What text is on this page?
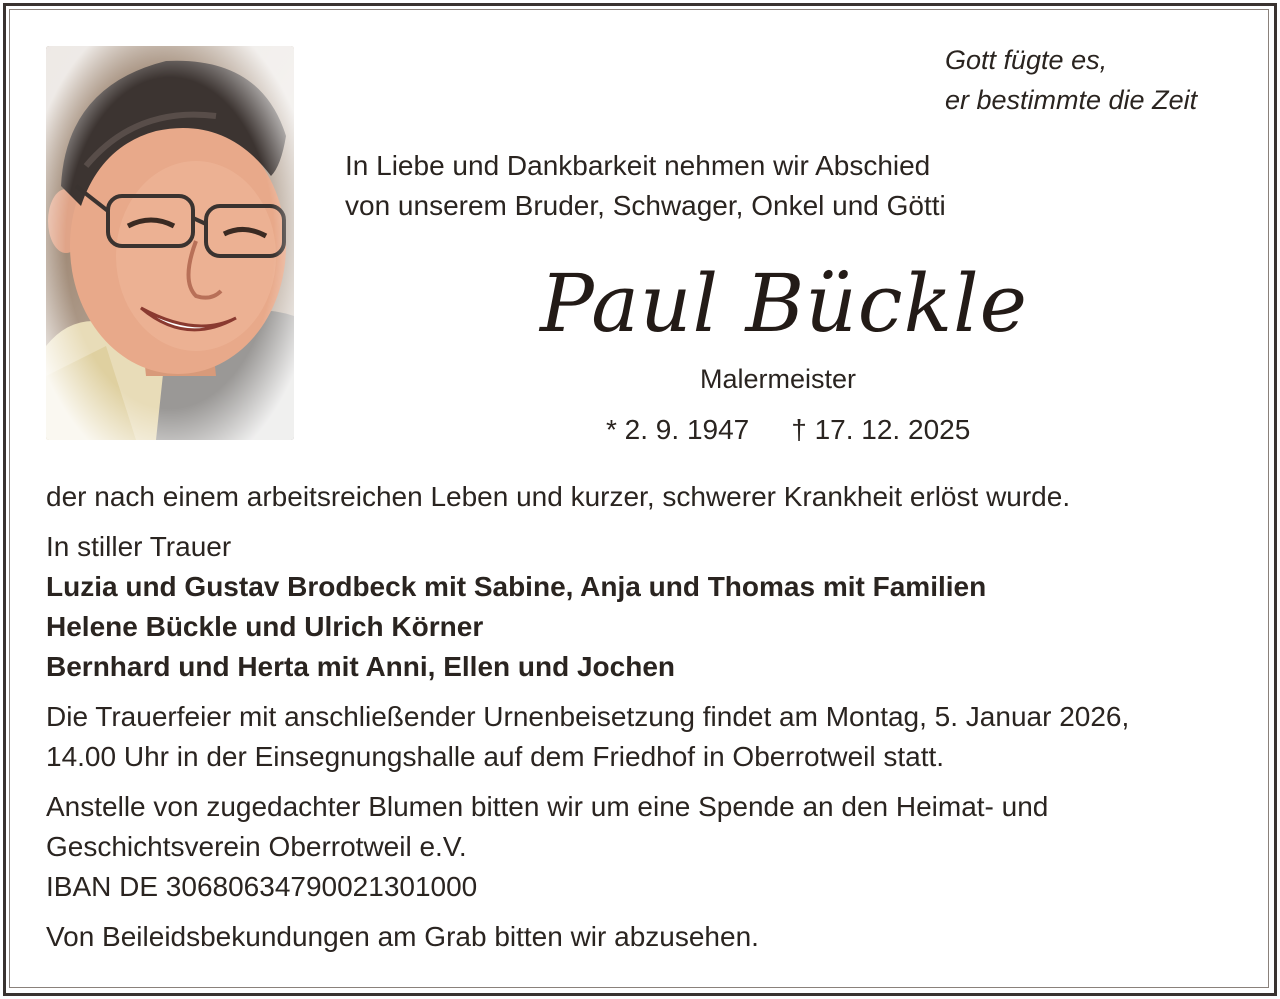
Gott fügte es,
er bestimmte die Zeit
In Liebe und Dankbarkeit nehmen wir Abschied
von unserem Bruder, Schwager, Onkel und Götti
Paul Bückle
Malermeister
* 2. 9. 1947 † 17. 12. 2025
der nach einem arbeitsreichen Leben und kurzer, schwerer Krankheit erlöst wurde.
In stiller Trauer
Luzia und Gustav Brodbeck mit Sabine, Anja und Thomas mit Familien
Helene Bückle und Ulrich Körner
Bernhard und Herta mit Anni, Ellen und Jochen
Die Trauerfeier mit anschließender Urnenbeisetzung findet am Montag, 5. Januar 2026,
14.00 Uhr in der Einsegnungshalle auf dem Friedhof in Oberrotweil statt.
Anstelle von zugedachter Blumen bitten wir um eine Spende an den Heimat- und
Geschichtsverein Oberrotweil e.V.
IBAN DE 30680634790021301000
Von Beileidsbekundungen am Grab bitten wir abzusehen.
